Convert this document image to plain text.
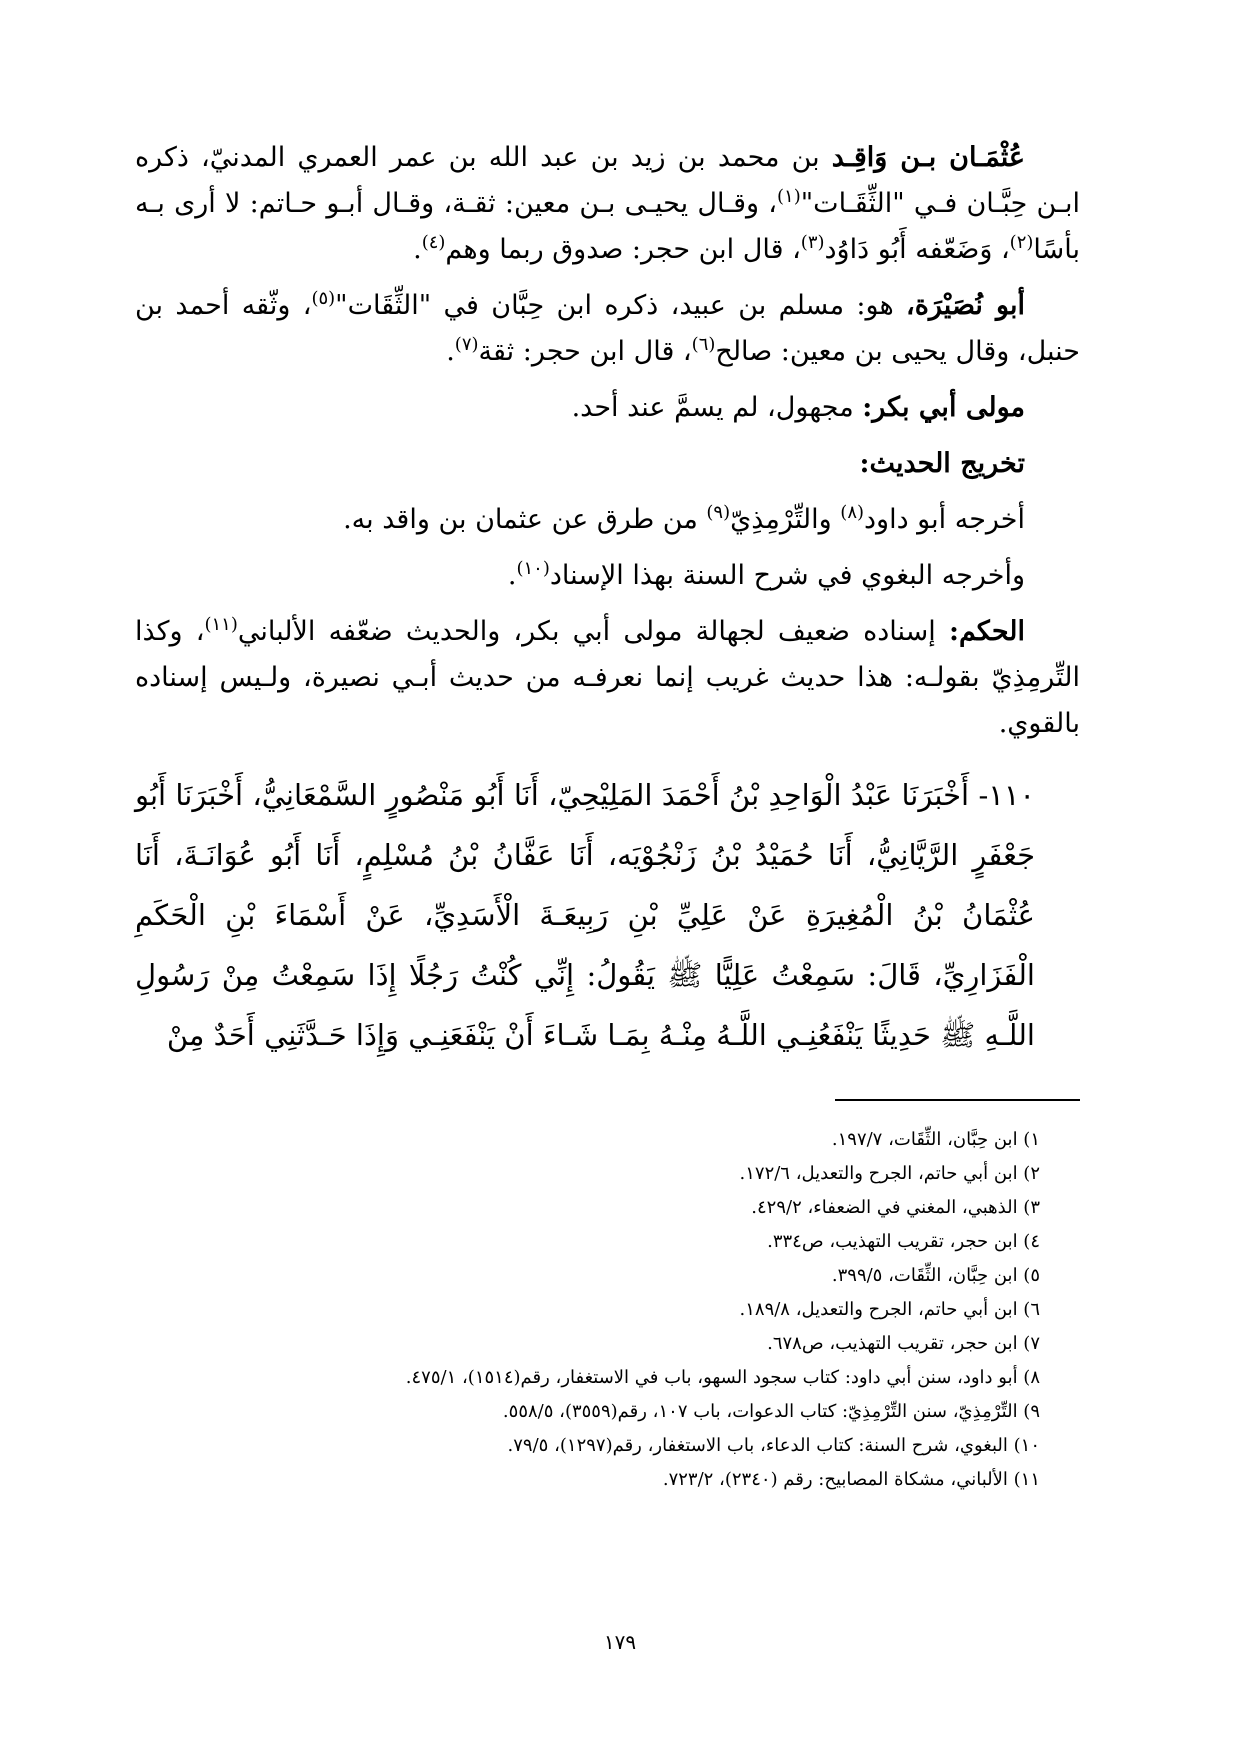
عُثْمَـان بـن وَاقِـد بن محمد بن زيد بن عبد الله بن عمر العمري المدنيّ، ذكره ابـن حِبَّـان فـي "الثِّقَـات"$^{(١)}$، وقـال يحيـى بـن معين: ثقـة، وقـال أبـو حـاتم: لا أرى بـه بأسًا$^{(٢)}$، وَضَعّفه أَبُو دَاوُد$^{(٣)}$، قال ابن حجر: صدوق ربما وهم$^{(٤)}$.

أبو نُصَيْرَة، هو: مسلم بن عبيد، ذكره ابن حِبَّان في "الثِّقَات"$^{(٥)}$، وثّقه أحمد بن حنبل، وقال يحيى بن معين: صالح$^{(٦)}$، قال ابن حجر: ثقة$^{(٧)}$.

مولى أبي بكر: مجهول، لم يسمَّ عند أحد.

تخريج الحديث:

أخرجه أبو داود$^{(٨)}$ والتِّرْمِذِيّ$^{(٩)}$ من طرق عن عثمان بن واقد به.

وأخرجه البغوي في شرح السنة بهذا الإسناد$^{(١٠)}$.

الحكم: إسناده ضعيف لجهالة مولى أبي بكر، والحديث ضعّفه الألباني$^{(١١)}$، وكذا التِّرمِذِيّ بقولـه: هذا حديث غريب إنما نعرفـه من حديث أبـي نصيرة، ولـيس إسناده بالقوي.

١١٠- أَخْبَرَنَا عَبْدُ الْوَاحِدِ بْنُ أَحْمَدَ المَلِيْحِيّ، أَنَا أَبُو مَنْصُورٍ السَّمْعَانِيُّ، أَخْبَرَنَا أَبُو جَعْفَرٍ الرَّيَّانِيُّ، أَنَا حُمَيْدُ بْنُ زَنْجُوْيَه، أَنَا عَفَّانُ بْنُ مُسْلِمٍ، أَنَا أَبُو عُوَانَـةَ، أَنَا عُثْمَانُ بْنُ الْمُغِيرَةِ عَنْ عَلِيِّ بْنِ رَبِيعَـةَ الْأَسَدِيِّ، عَنْ أَسْمَاءَ بْنِ الْحَكَمِ الْفَزَارِيِّ، قَالَ: سَمِعْتُ عَلِيًّا ﷺ يَقُولُ: إِنِّي كُنْتُ رَجُلًا إِذَا سَمِعْتُ مِنْ رَسُولِ اللَّـهِ ﷺ حَدِيثًا يَنْفَعُنِـي اللَّـهُ مِنْـهُ بِمَـا شَـاءَ أَنْ يَنْفَعَنِـي وَإِذَا حَـدَّثَنِي أَحَدٌ مِنْ

١) ابن حِبَّان، الثِّقَات، ١٩٧/٧.

٢) ابن أبي حاتم، الجرح والتعديل، ١٧٢/٦.

٣) الذهبي، المغني في الضعفاء، ٤٢٩/٢.

٤) ابن حجر، تقريب التهذيب، ص٣٣٤.

٥) ابن حِبَّان، الثِّقَات، ٣٩٩/٥.

٦) ابن أبي حاتم، الجرح والتعديل، ١٨٩/٨.

٧) ابن حجر، تقريب التهذيب، ص٦٧٨.

٨) أبو داود، سنن أبي داود: كتاب سجود السهو، باب في الاستغفار، رقم(١٥١٤)، ٤٧٥/١.

٩) التِّرْمِذِيّ، سنن التِّرْمِذِيّ: كتاب الدعوات، باب ١٠٧، رقم(٣٥٥٩)، ٥٥٨/٥.

١٠) البغوي، شرح السنة: كتاب الدعاء، باب الاستغفار، رقم(١٢٩٧)، ٧٩/٥.

١١) الألباني، مشكاة المصابيح: رقم (٢٣٤٠)، ٧٢٣/٢.

١٧٩
